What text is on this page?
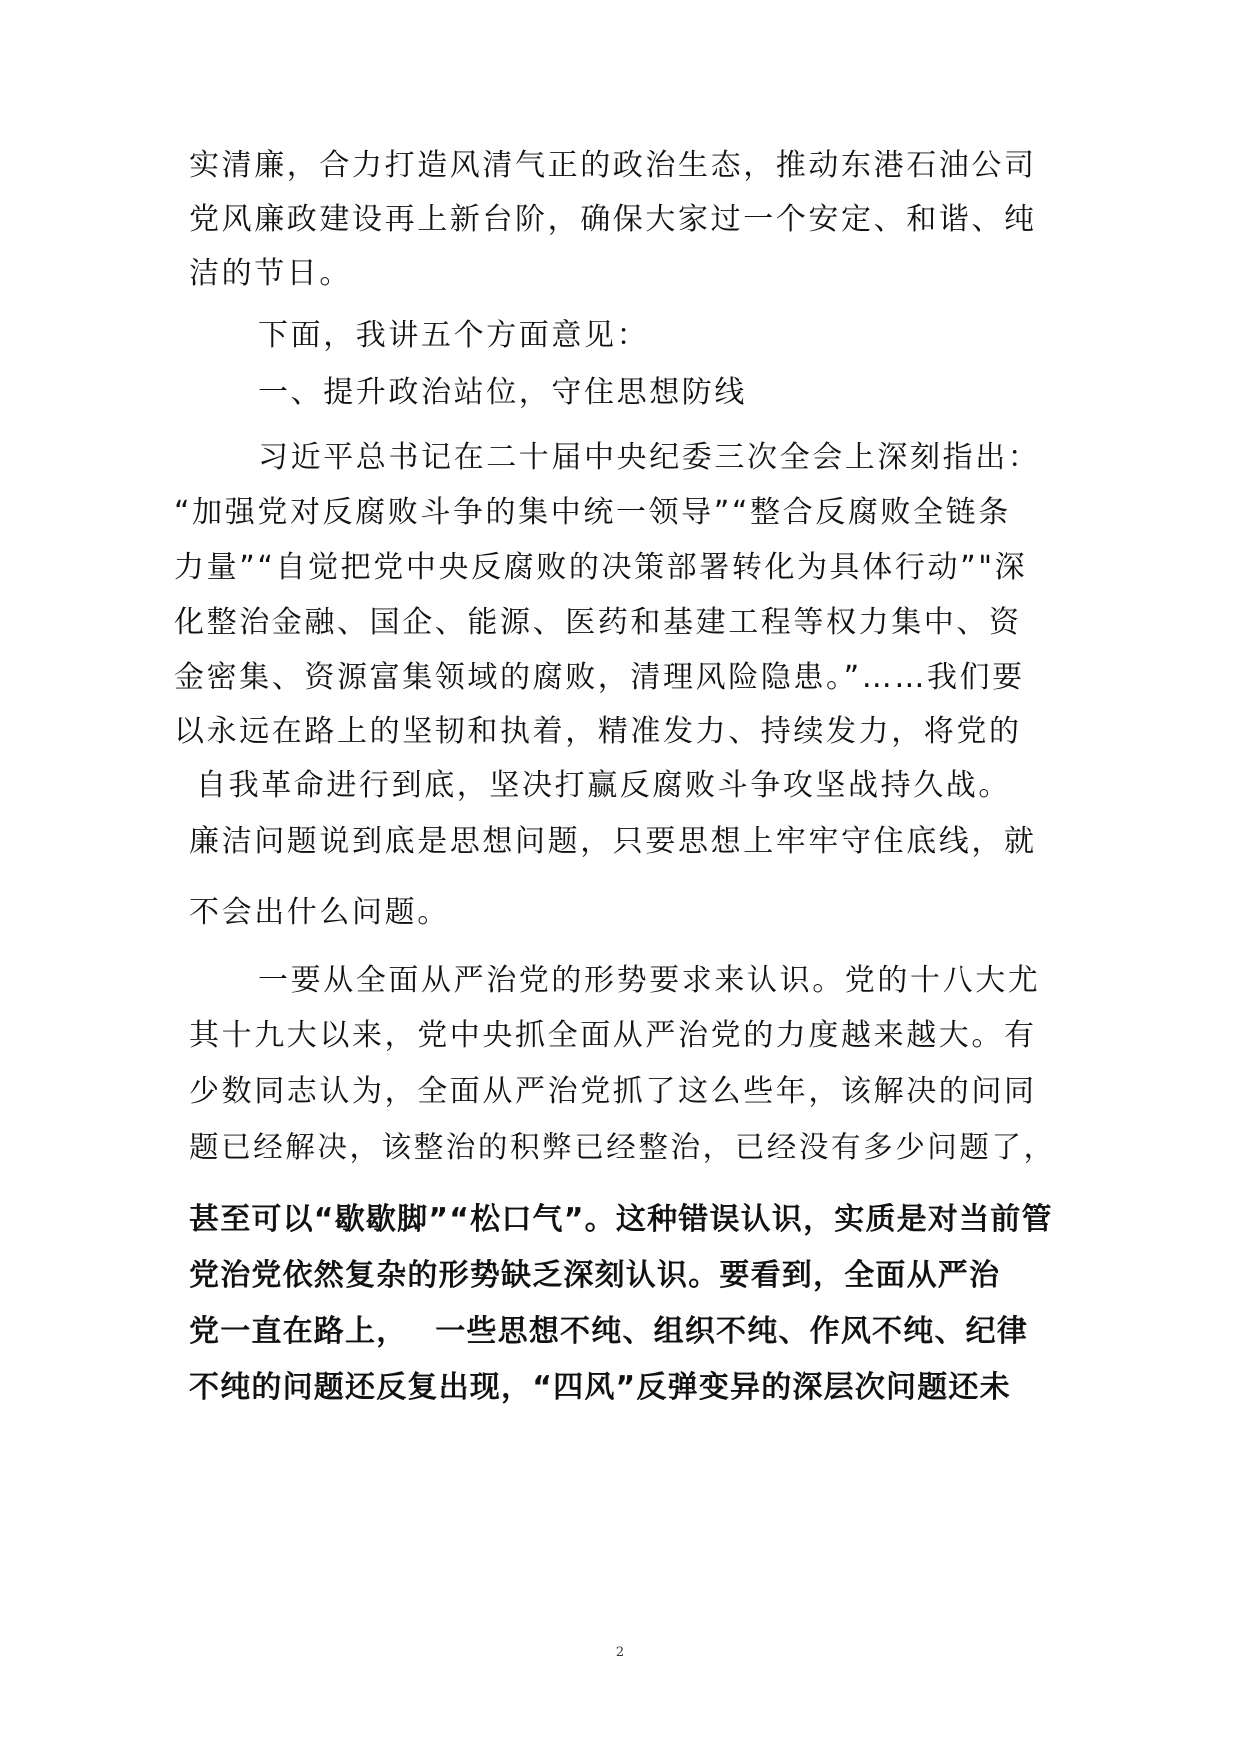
实清廉，合力打造风清气正的政治生态，推动东港石油公司
党风廉政建设再上新台阶，确保大家过一个安定、和谐、纯
洁的节日。
下面，我讲五个方面意见：
一、提升政治站位，守住思想防线
习近平总书记在二十届中央纪委三次全会上深刻指出：
“加强党对反腐败斗争的集中统一领导”“整合反腐败全链条
力量”“自觉把党中央反腐败的决策部署转化为具体行动”"深
化整治金融、国企、能源、医药和基建工程等权力集中、资
金密集、资源富集领域的腐败，清理风险隐患。”……我们要
以永远在路上的坚韧和执着，精准发力、持续发力，将党的
自我革命进行到底，坚决打赢反腐败斗争攻坚战持久战。
廉洁问题说到底是思想问题，只要思想上牢牢守住底线，就
不会出什么问题。
一要从全面从严治党的形势要求来认识。党的十八大尤
其十九大以来，党中央抓全面从严治党的力度越来越大。有
少数同志认为，全面从严治党抓了这么些年，该解决的问同
题已经解决，该整治的积弊已经整治，已经没有多少问题了，
甚至可以“歇歇脚”“松口气”。这种错误认识，实质是对当前管
党治党依然复杂的形势缺乏深刻认识。要看到，全面从严治
党一直在路上，　 一些思想不纯、组织不纯、作风不纯、纪律
不纯的问题还反复出现，“四风”反弹变异的深层次问题还未
2
